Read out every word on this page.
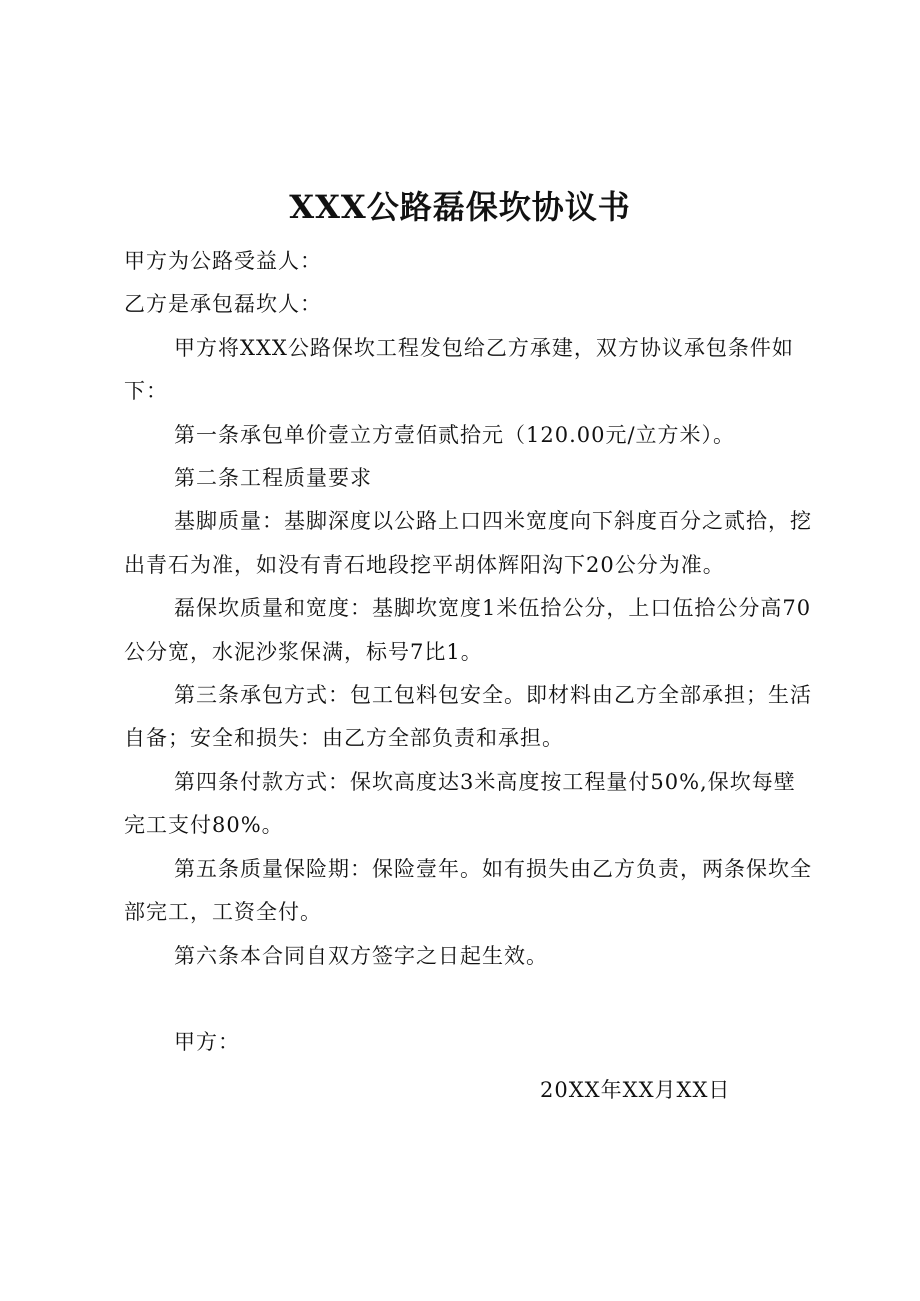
XXX公路磊保坎协议书

甲方为公路受益人：

乙方是承包磊坎人：

甲方将XXX公路保坎工程发包给乙方承建，双方协议承包条件如下：

第一条承包单价壹立方壹佰贰拾元（120.00元/立方米）。

第二条工程质量要求

基脚质量：基脚深度以公路上口四米宽度向下斜度百分之贰拾，挖出青石为准，如没有青石地段挖平胡体辉阳沟下20公分为准。

磊保坎质量和宽度：基脚坎宽度1米伍拾公分，上口伍拾公分高70公分宽，水泥沙浆保满，标号7比1。

第三条承包方式：包工包料包安全。即材料由乙方全部承担；生活自备；安全和损失：由乙方全部负责和承担。

第四条付款方式：保坎高度达3米高度按工程量付50%,保坎每壁完工支付80%。

第五条质量保险期：保险壹年。如有损失由乙方负责，两条保坎全部完工，工资全付。

第六条本合同自双方签字之日起生效。

甲方：
20XX年XX月XX日
